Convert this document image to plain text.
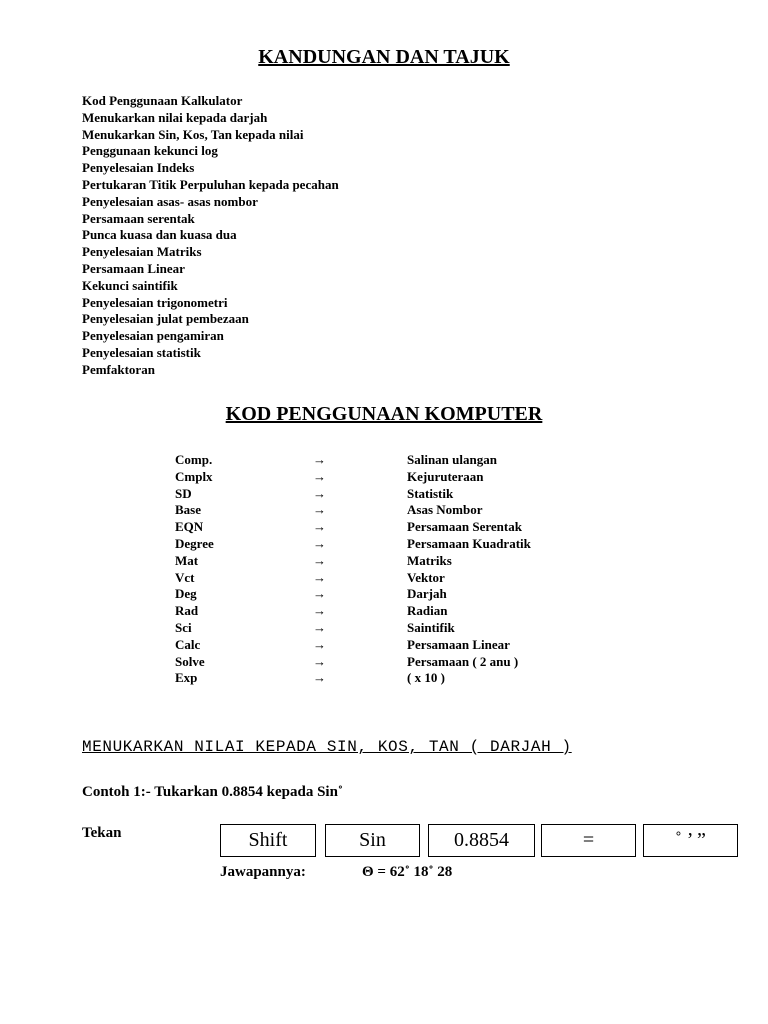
KANDUNGAN DAN TAJUK
Kod Penggunaan Kalkulator
Menukarkan nilai kepada darjah
Menukarkan Sin, Kos, Tan kepada nilai
Penggunaan kekunci log
Penyelesaian Indeks
Pertukaran Titik Perpuluhan kepada pecahan
Penyelesaian asas- asas nombor
Persamaan serentak
Punca kuasa dan kuasa dua
Penyelesaian Matriks
Persamaan Linear
Kekunci saintifik
Penyelesaian trigonometri
Penyelesaian julat pembezaan
Penyelesaian pengamiran
Penyelesaian statistik
Pemfaktoran
KOD PENGGUNAAN KOMPUTER
Comp.	→	Salinan ulangan
Cmplx	→	Kejuruteraan
SD	→	Statistik
Base	→	Asas Nombor
EQN	→	Persamaan Serentak
Degree	→	Persamaan Kuadratik
Mat	→	Matriks
Vct	→	Vektor
Deg	→	Darjah
Rad	→	Radian
Sci	→	Saintifik
Calc	→	Persamaan Linear
Solve	→	Persamaan ( 2 anu )
Exp	→	( x 10 )
MENUKARKAN NILAI KEPADA SIN, KOS, TAN ( DARJAH )
Contoh 1:- Tukarkan 0.8854 kepada Sin˚
Tekan	Shift	Sin	0.8854	=	˚ ’ ”
Jawapannya:	Θ = 62˚ 18˚ 28
